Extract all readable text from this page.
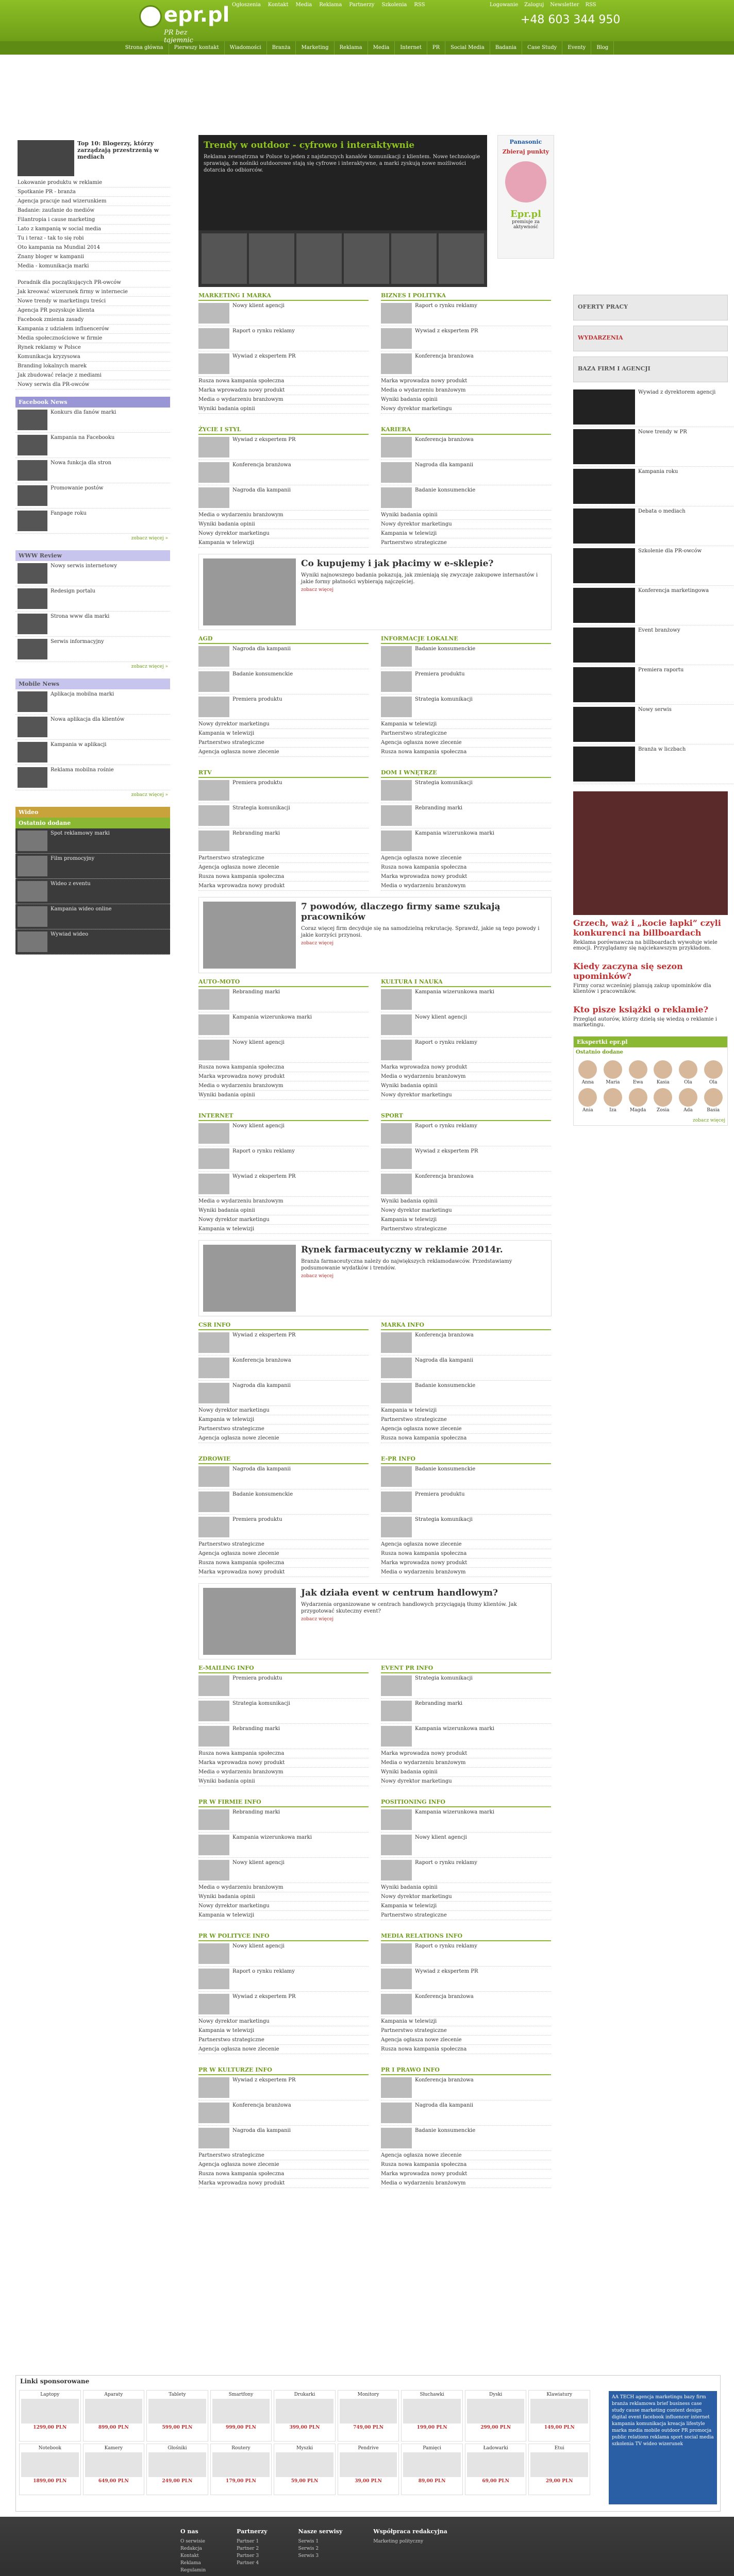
epr.pl
PR bez tajemnic
Ogłoszenia Kontakt Media Reklama Partnerzy Szkolenia RSS	Logowanie Zaloguj Newsletter RSS
+48 603 344 950
Strona główna	Pierwszy kontakt	Wiadomości	Branża	Marketing	Reklama	Media	Internet	PR	Social Media	Badania	Case Study	Eventy	Blog
Top 10: Blogerzy, którzy zarządzają przestrzenią w mediach
Lokowanie produktu w reklamie
Spotkanie PR - branża
Agencja pracuje nad wizerunkiem
Badanie: zaufanie do mediów
Filantropia i cause marketing
Lato z kampanią w social media
Tu i teraz - tak to się robi
Oto kampania na Mundial 2014
Znany bloger w kampanii
Media - komunikacja marki
Poradnik dla początkujących PR-owców
Jak kreować wizerunek firmy w internecie
Nowe trendy w marketingu treści
Agencja PR pozyskuje klienta
Facebook zmienia zasady
Kampania z udziałem influencerów
Media społecznościowe w firmie
Rynek reklamy w Polsce
Komunikacja kryzysowa
Branding lokalnych marek
Jak zbudować relacje z mediami
Nowy serwis dla PR-owców
Facebook News
Konkurs dla fanów marki
Kampania na Facebooku
Nowa funkcja dla stron
Promowanie postów
Fanpage roku
zobacz więcej »
WWW Review
Nowy serwis internetowy
Redesign portalu
Strona www dla marki
Serwis informacyjny
zobacz więcej »
Mobile News
Aplikacja mobilna marki
Nowa aplikacja dla klientów
Kampania w aplikacji
Reklama mobilna rośnie
zobacz więcej »
Wideo
Ostatnio dodane
Spot reklamowy marki
Film promocyjny
Wideo z eventu
Kampania wideo online
Wywiad wideo
Trendy w outdoor - cyfrowo i interaktywnie
Reklama zewnętrzna w Polsce to jeden z najstarszych kanałów komunikacji z klientem. Nowe technologie sprawiają, że nośniki outdoorowe stają się cyfrowe i interaktywne, a marki zyskują nowe możliwości dotarcia do odbiorców.
Panasonic
Zbieraj punkty
Epr.pl
premiuje za aktywność
MARKETING I MARKA
Nowy klient agencji
Raport o rynku reklamy
Wywiad z ekspertem PR
Rusza nowa kampania społeczna
Marka wprowadza nowy produkt
Media o wydarzeniu branżowym
Wyniki badania opinii
BIZNES I POLITYKA
Raport o rynku reklamy
Wywiad z ekspertem PR
Konferencja branżowa
Marka wprowadza nowy produkt
Media o wydarzeniu branżowym
Wyniki badania opinii
Nowy dyrektor marketingu
ŻYCIE I STYL
Wywiad z ekspertem PR
Konferencja branżowa
Nagroda dla kampanii
Media o wydarzeniu branżowym
Wyniki badania opinii
Nowy dyrektor marketingu
Kampania w telewizji
KARIERA
Konferencja branżowa
Nagroda dla kampanii
Badanie konsumenckie
Wyniki badania opinii
Nowy dyrektor marketingu
Kampania w telewizji
Partnerstwo strategiczne
Co kupujemy i jak płacimy w e-sklepie?
Wyniki najnowszego badania pokazują, jak zmieniają się zwyczaje zakupowe internautów i jakie formy płatności wybierają najczęściej.
zobacz więcej
AGD
Nagroda dla kampanii
Badanie konsumenckie
Premiera produktu
Nowy dyrektor marketingu
Kampania w telewizji
Partnerstwo strategiczne
Agencja ogłasza nowe zlecenie
INFORMACJE LOKALNE
Badanie konsumenckie
Premiera produktu
Strategia komunikacji
Kampania w telewizji
Partnerstwo strategiczne
Agencja ogłasza nowe zlecenie
Rusza nowa kampania społeczna
RTV
Premiera produktu
Strategia komunikacji
Rebranding marki
Partnerstwo strategiczne
Agencja ogłasza nowe zlecenie
Rusza nowa kampania społeczna
Marka wprowadza nowy produkt
DOM I WNĘTRZE
Strategia komunikacji
Rebranding marki
Kampania wizerunkowa marki
Agencja ogłasza nowe zlecenie
Rusza nowa kampania społeczna
Marka wprowadza nowy produkt
Media o wydarzeniu branżowym
7 powodów, dlaczego firmy same szukają pracowników
Coraz więcej firm decyduje się na samodzielną rekrutację. Sprawdź, jakie są tego powody i jakie korzyści przynosi.
zobacz więcej
AUTO-MOTO
Rebranding marki
Kampania wizerunkowa marki
Nowy klient agencji
Rusza nowa kampania społeczna
Marka wprowadza nowy produkt
Media o wydarzeniu branżowym
Wyniki badania opinii
KULTURA I NAUKA
Kampania wizerunkowa marki
Nowy klient agencji
Raport o rynku reklamy
Marka wprowadza nowy produkt
Media o wydarzeniu branżowym
Wyniki badania opinii
Nowy dyrektor marketingu
INTERNET
Nowy klient agencji
Raport o rynku reklamy
Wywiad z ekspertem PR
Media o wydarzeniu branżowym
Wyniki badania opinii
Nowy dyrektor marketingu
Kampania w telewizji
SPORT
Raport o rynku reklamy
Wywiad z ekspertem PR
Konferencja branżowa
Wyniki badania opinii
Nowy dyrektor marketingu
Kampania w telewizji
Partnerstwo strategiczne
Rynek farmaceutyczny w reklamie 2014r.
Branża farmaceutyczna należy do największych reklamodawców. Przedstawiamy podsumowanie wydatków i trendów.
zobacz więcej
CSR INFO
Wywiad z ekspertem PR
Konferencja branżowa
Nagroda dla kampanii
Nowy dyrektor marketingu
Kampania w telewizji
Partnerstwo strategiczne
Agencja ogłasza nowe zlecenie
MARKA INFO
Konferencja branżowa
Nagroda dla kampanii
Badanie konsumenckie
Kampania w telewizji
Partnerstwo strategiczne
Agencja ogłasza nowe zlecenie
Rusza nowa kampania społeczna
ZDROWIE
Nagroda dla kampanii
Badanie konsumenckie
Premiera produktu
Partnerstwo strategiczne
Agencja ogłasza nowe zlecenie
Rusza nowa kampania społeczna
Marka wprowadza nowy produkt
E-PR INFO
Badanie konsumenckie
Premiera produktu
Strategia komunikacji
Agencja ogłasza nowe zlecenie
Rusza nowa kampania społeczna
Marka wprowadza nowy produkt
Media o wydarzeniu branżowym
Jak działa event w centrum handlowym?
Wydarzenia organizowane w centrach handlowych przyciągają tłumy klientów. Jak przygotować skuteczny event?
zobacz więcej
E-MAILING INFO
Premiera produktu
Strategia komunikacji
Rebranding marki
Rusza nowa kampania społeczna
Marka wprowadza nowy produkt
Media o wydarzeniu branżowym
Wyniki badania opinii
EVENT PR INFO
Strategia komunikacji
Rebranding marki
Kampania wizerunkowa marki
Marka wprowadza nowy produkt
Media o wydarzeniu branżowym
Wyniki badania opinii
Nowy dyrektor marketingu
PR W FIRMIE INFO
Rebranding marki
Kampania wizerunkowa marki
Nowy klient agencji
Media o wydarzeniu branżowym
Wyniki badania opinii
Nowy dyrektor marketingu
Kampania w telewizji
POSITIONING INFO
Kampania wizerunkowa marki
Nowy klient agencji
Raport o rynku reklamy
Wyniki badania opinii
Nowy dyrektor marketingu
Kampania w telewizji
Partnerstwo strategiczne
PR W POLITYCE INFO
Nowy klient agencji
Raport o rynku reklamy
Wywiad z ekspertem PR
Nowy dyrektor marketingu
Kampania w telewizji
Partnerstwo strategiczne
Agencja ogłasza nowe zlecenie
MEDIA RELATIONS INFO
Raport o rynku reklamy
Wywiad z ekspertem PR
Konferencja branżowa
Kampania w telewizji
Partnerstwo strategiczne
Agencja ogłasza nowe zlecenie
Rusza nowa kampania społeczna
PR W KULTURZE INFO
Wywiad z ekspertem PR
Konferencja branżowa
Nagroda dla kampanii
Partnerstwo strategiczne
Agencja ogłasza nowe zlecenie
Rusza nowa kampania społeczna
Marka wprowadza nowy produkt
PR I PRAWO INFO
Konferencja branżowa
Nagroda dla kampanii
Badanie konsumenckie
Agencja ogłasza nowe zlecenie
Rusza nowa kampania społeczna
Marka wprowadza nowy produkt
Media o wydarzeniu branżowym
OFERTY PRACY
WYDARZENIA
BAZA FIRM I AGENCJI
Wywiad z dyrektorem agencji
Nowe trendy w PR
Kampania roku
Debata o mediach
Szkolenie dla PR-owców
Konferencja marketingowa
Event branżowy
Premiera raportu
Nowy serwis
Branża w liczbach
Grzech, waż i „kocie łapki” czyli konkurenci na billboardach
Reklama porównawcza na billboardach wywołuje wiele emocji. Przyglądamy się najciekawszym przykładom.
Kiedy zaczyna się sezon upominków?
Firmy coraz wcześniej planują zakup upominków dla klientów i pracowników.
Kto pisze książki o reklamie?
Przegląd autorów, którzy dzielą się wiedzą o reklamie i marketingu.
Ekspertki epr.pl
Ostatnio dodane
Anna	Maria	Ewa	Kasia	Ola	Ola
Ania	Iza	Magda	Zosia	Ada	Basia
zobacz więcej
Linki sponsorowane
Laptopy
1299,00 PLN
Aparaty
899,00 PLN
Tablety
599,00 PLN
Smartfony
999,00 PLN
Drukarki
399,00 PLN
Monitory
749,00 PLN
Słuchawki
199,00 PLN
Dyski
299,00 PLN
Klawiatury
149,00 PLN
Notebook
1899,00 PLN
Kamery
649,00 PLN
Głośniki
249,00 PLN
Routery
179,00 PLN
Myszki
59,00 PLN
Pendrive
39,00 PLN
Pamięci
89,00 PLN
Ładowarki
69,00 PLN
Etui
29,00 PLN
AA TECH agencja marketingu bazy firm branża reklamowa brief business case study cause marketing content design digital event facebook influencer internet kampania komunikacja kreacja lifestyle marka media mobile outdoor PR promocja public relations reklama sport social media szkolenia TV wideo wizerunek
O nas
O serwisie
Redakcja
Kontakt
Reklama
Regulamin
Partnerzy
Partner 1
Partner 2
Partner 3
Partner 4
Nasze serwisy
Serwis 1
Serwis 2
Serwis 3
Współpraca redakcyjna
Marketing polityczny
